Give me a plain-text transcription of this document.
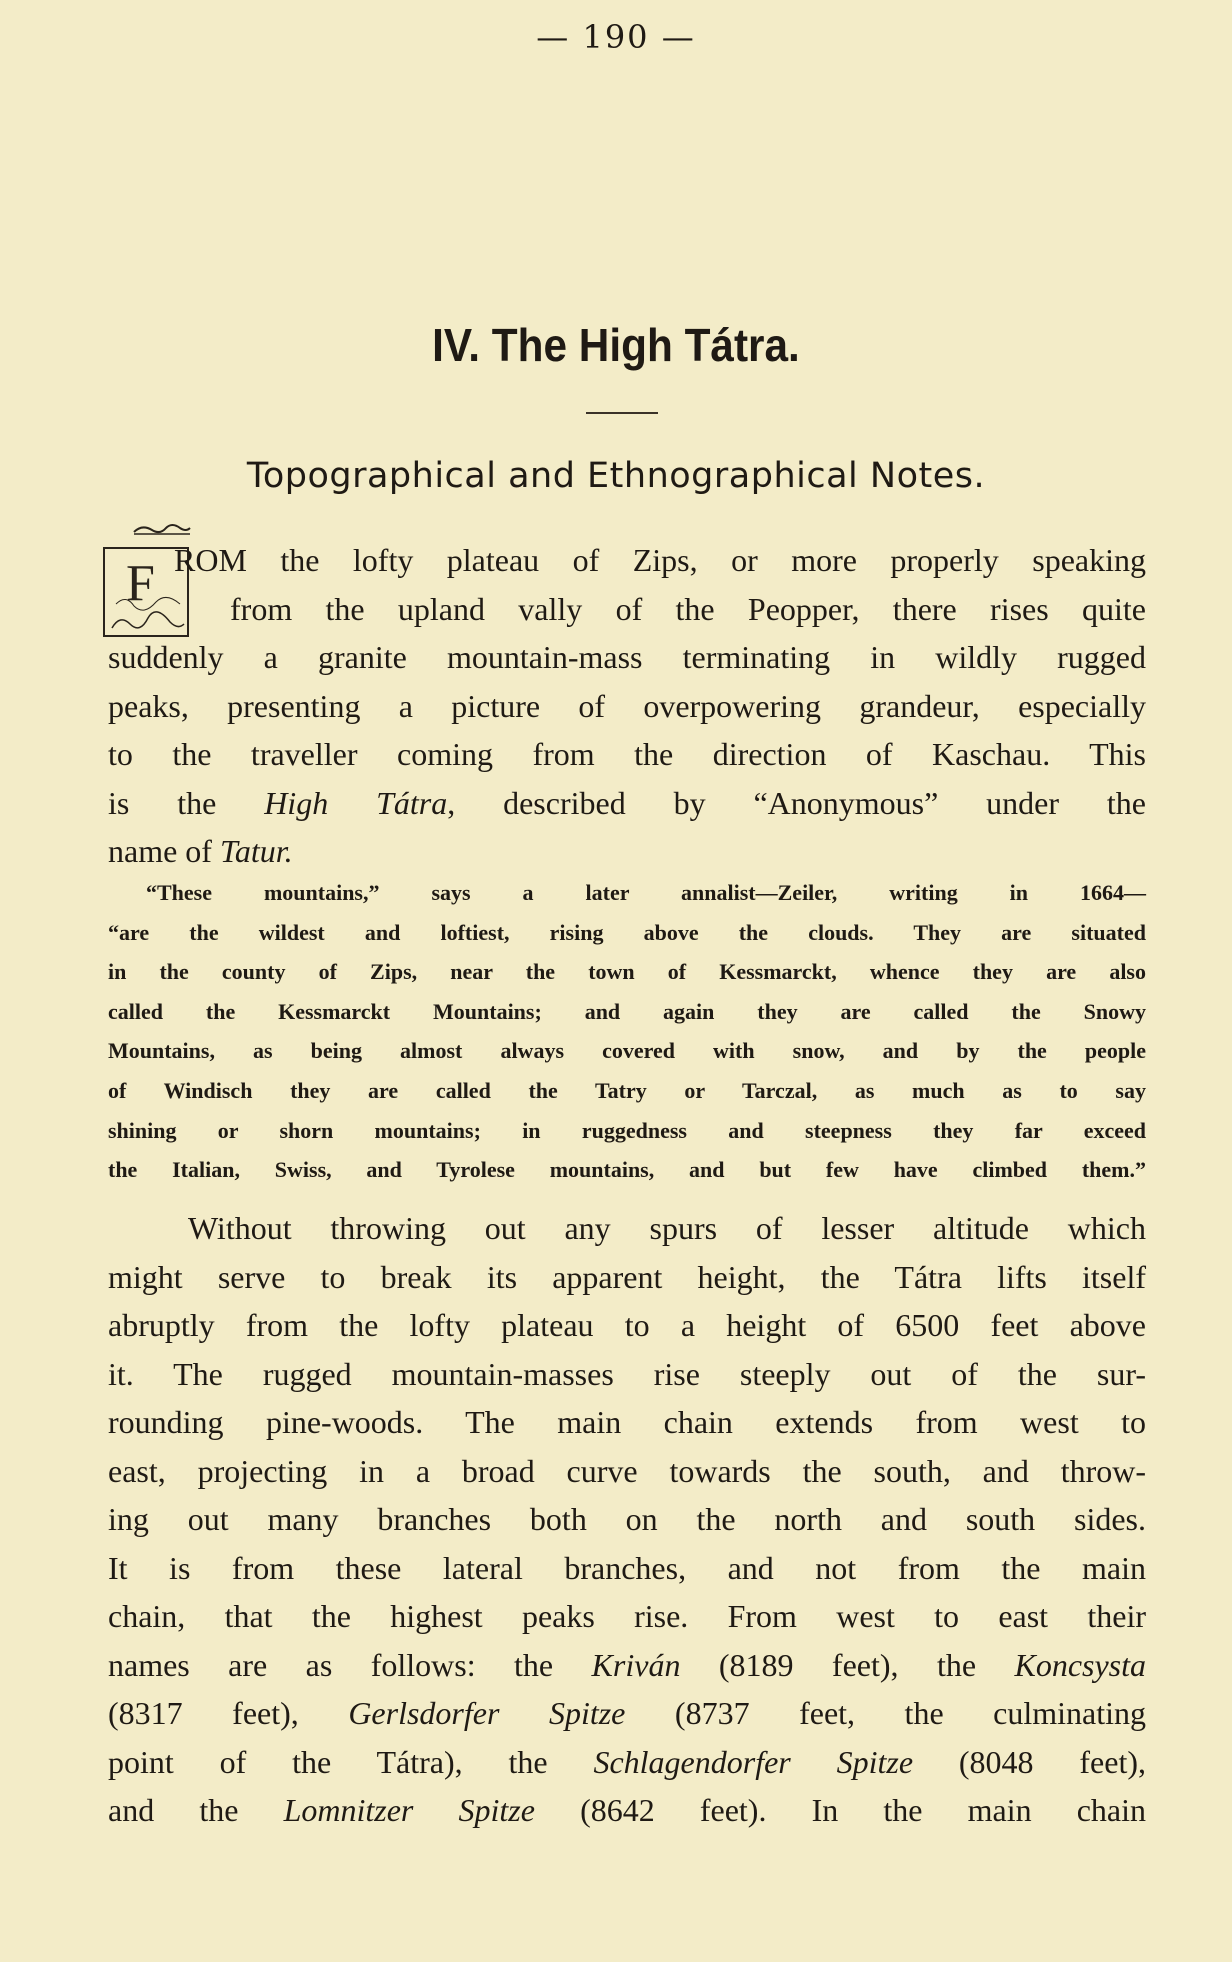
— 190 —
IV. The High Tátra.
Topographical and Ethnographical Notes.
F ROM the lofty plateau of Zips, or more properly speaking
from the upland vally of the Peopper, there rises quite
suddenly a granite mountain-mass terminating in wildly rugged
peaks, presenting a picture of overpowering grandeur, especially
to the traveller coming from the direction of Kaschau. This
is the High Tátra, described by “Anonymous” under the
name of Tatur.
“These mountains,” says a later annalist—Zeiler, writing in 1664—
“are the wildest and loftiest, rising above the clouds. They are situated
in the county of Zips, near the town of Kessmarckt, whence they are also
called the Kessmarckt Mountains; and again they are called the Snowy
Mountains, as being almost always covered with snow, and by the people
of Windisch they are called the Tatry or Tarczal, as much as to say
shining or shorn mountains; in ruggedness and steepness they far exceed
the Italian, Swiss, and Tyrolese mountains, and but few have climbed them.”
Without throwing out any spurs of lesser altitude which
might serve to break its apparent height, the Tátra lifts itself
abruptly from the lofty plateau to a height of 6500 feet above
it. The rugged mountain-masses rise steeply out of the sur-
rounding pine-woods. The main chain extends from west to
east, projecting in a broad curve towards the south, and throw-
ing out many branches both on the north and south sides.
It is from these lateral branches, and not from the main
chain, that the highest peaks rise. From west to east their
names are as follows: the Kriván (8189 feet), the Koncsysta
(8317 feet), Gerlsdorfer Spitze (8737 feet, the culminating
point of the Tátra), the Schlagendorfer Spitze (8048 feet),
and the Lomnitzer Spitze (8642 feet). In the main chain
